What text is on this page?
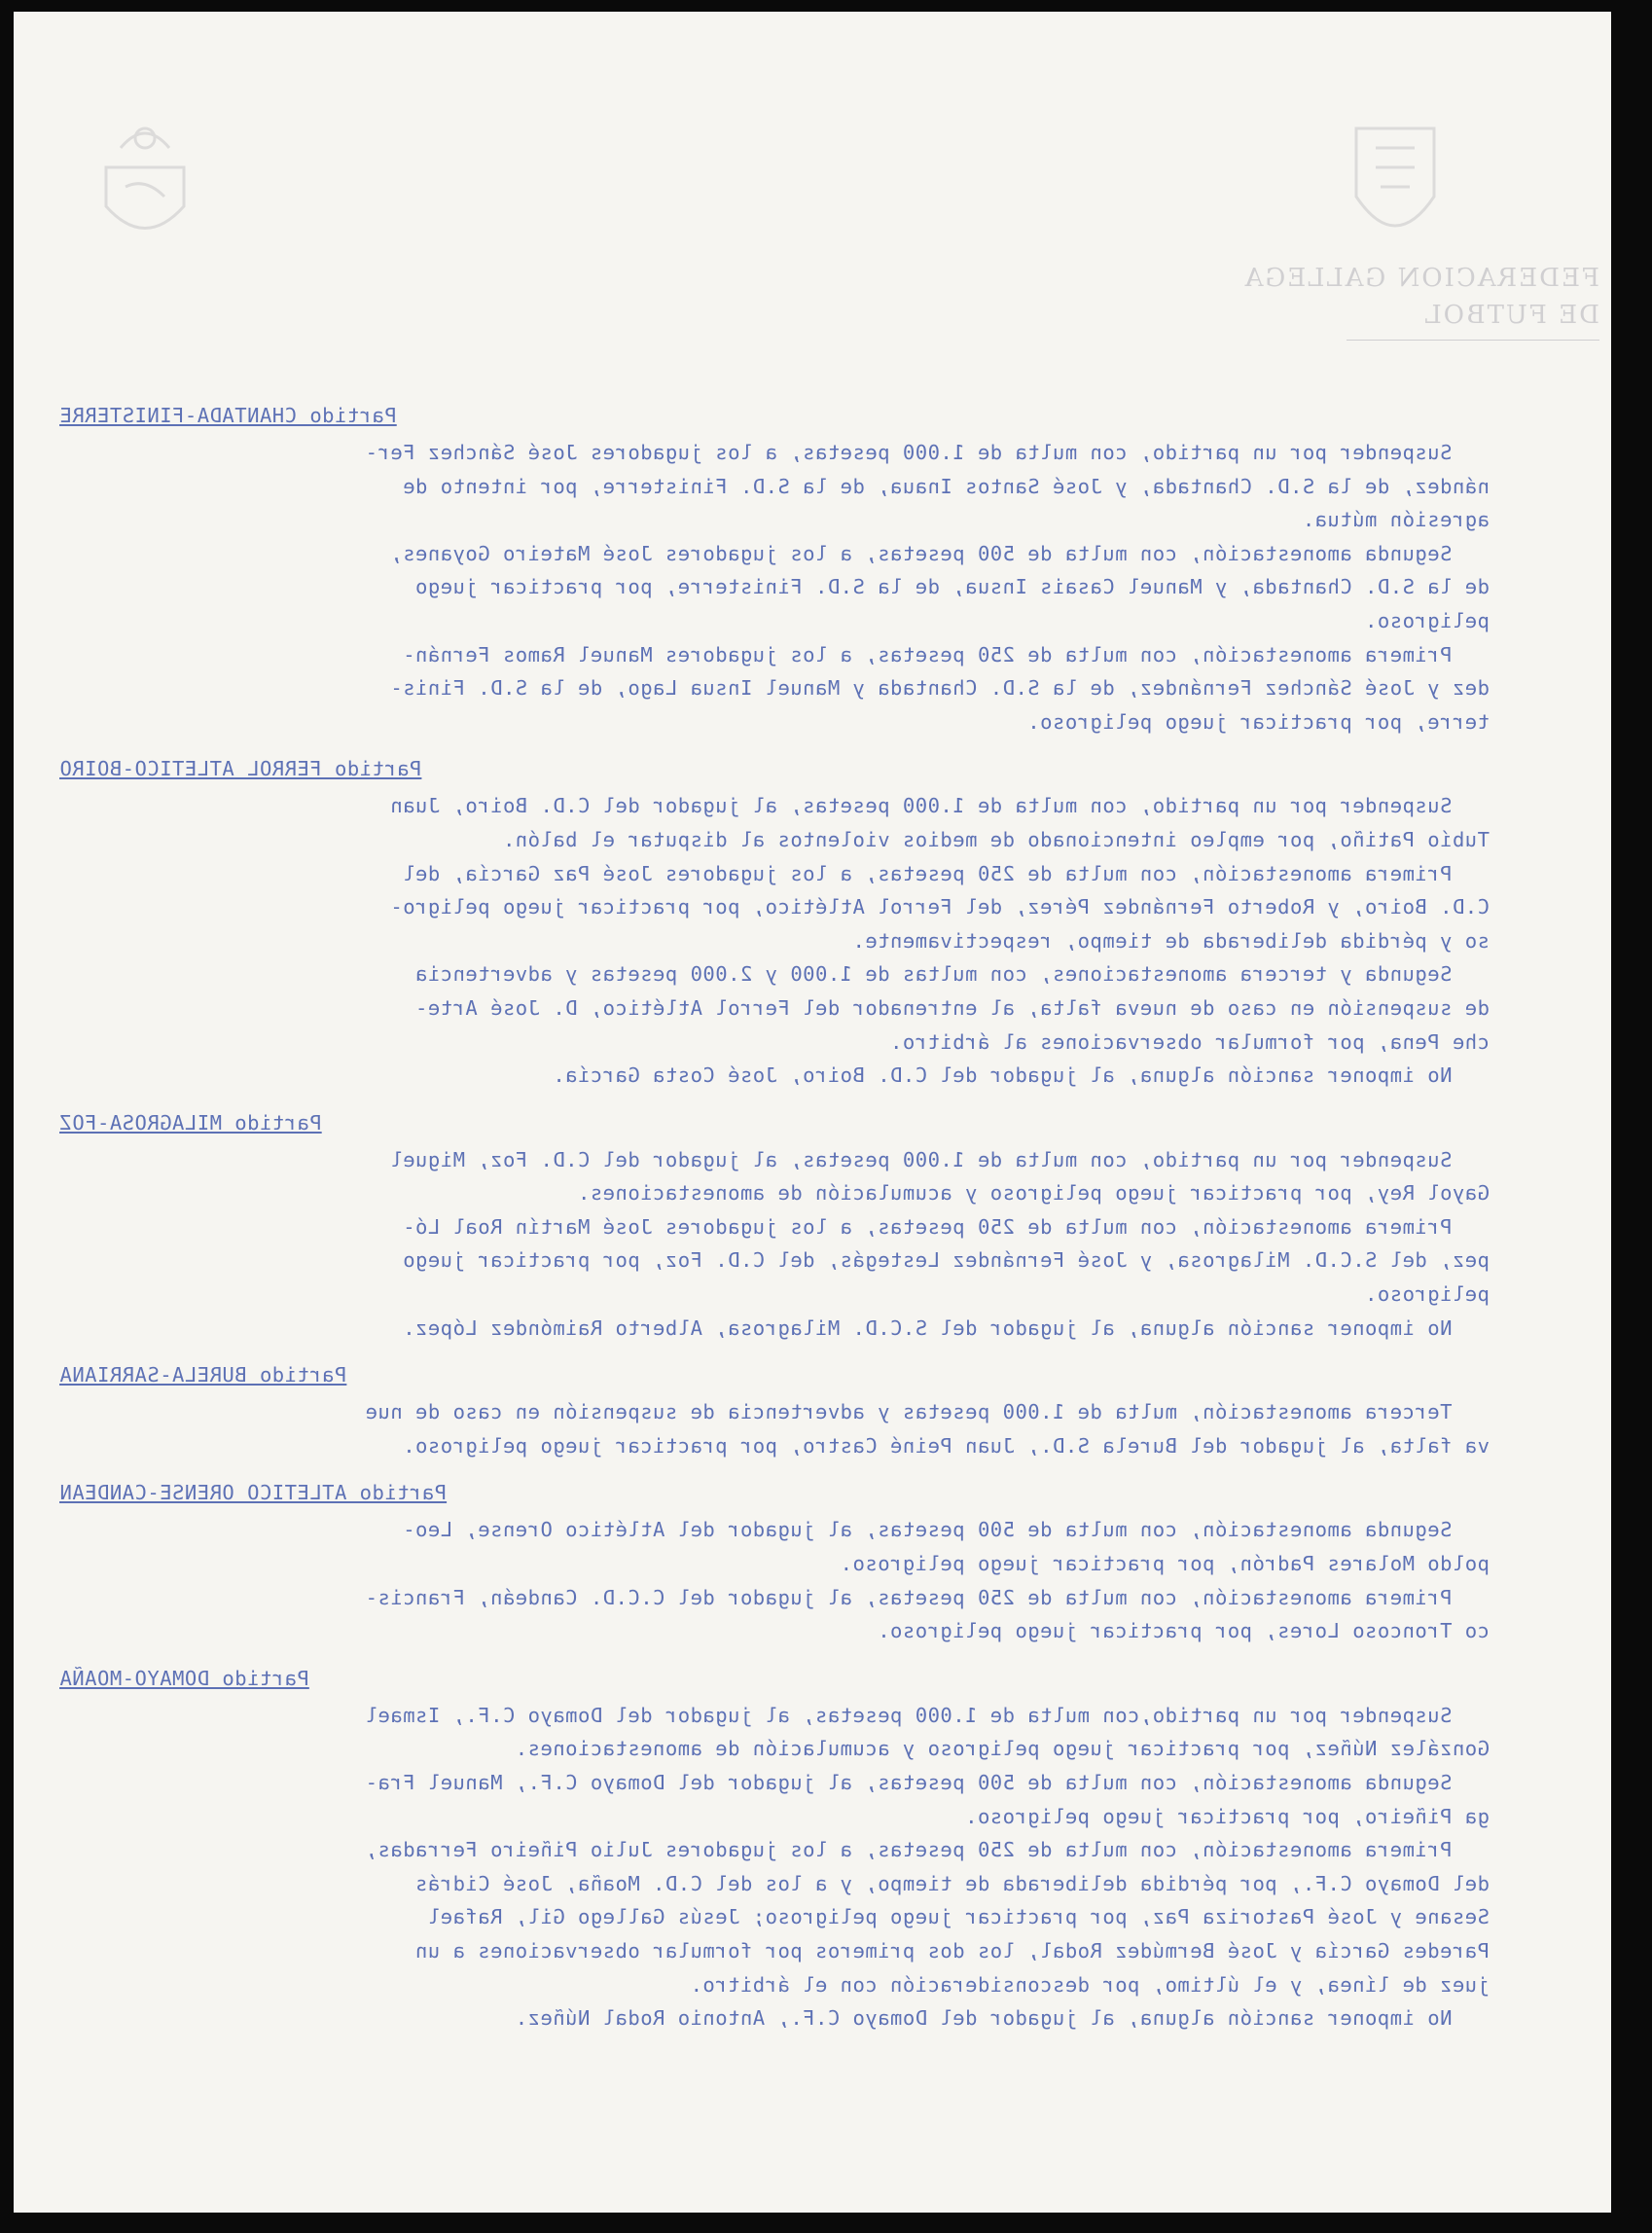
FEDERACION GALLEGA
DE FUTBOL
Partido CHANTADA-FINISTERRE
Suspender por un partido, con multa de 1.000 pesetas, a los jugadores José Sánchez Fer-
nández, de la S.D. Chantada, y José Santos Inaua, de la S.D. Finisterre, por intento de
agresión mútua.
Segunda amonestación, con multa de 500 pesetas, a los jugadores José Mateiro Goyanes,
de la S.D. Chantada, y Manuel Casais Insua, de la S.D. Finisterre, por practicar juego
peligroso.
Primera amonestación, con multa de 250 pesetas, a los jugadores Manuel Ramos Fernán-
dez y José Sánchez Fernández, de la S.D. Chantada y Manuel Insua Lago, de la S.D. Finis-
terre, por practicar juego peligroso.
Partido FERROL ATLETICO-BOIRO
Suspender por un partido, con multa de 1.000 pesetas, al jugador del C.D. Boiro, Juan
Tubío Patiño, por empleo intencionado de medios violentos al disputar el balón.
Primera amonestación, con multa de 250 pesetas, a los jugadores José Paz García, del
C.D. Boiro, y Roberto Fernández Pérez, del Ferrol Atlético, por practicar juego peligro-
so y pérdida deliberada de tiempo, respectivamente.
Segunda y tercera amonestaciones, con multas de 1.000 y 2.000 pesetas y advertencia
de suspensión en caso de nueva falta, al entrenador del Ferrol Atlético, D. José Arte-
che Pena, por formular observaciones al árbitro.
No imponer sanción alguna, al jugador del C.D. Boiro, José Costa García.
Partido MILAGROSA-FOZ
Suspender por un partido, con multa de 1.000 pesetas, al jugador del C.D. Foz, Miguel
Gayol Rey, por practicar juego peligroso y acumulación de amonestaciones.
Primera amonestación, con multa de 250 pesetas, a los jugadores José Martín Roal Ló-
pez, del S.C.D. Milagrosa, y José Fernández Lestegás, del C.D. Foz, por practicar juego
peligroso.
No imponer sanción alguna, al jugador del S.C.D. Milagrosa, Alberto Raimóndez López.
Partido BURELA-SARRIANA
Tercera amonestación, multa de 1.000 pesetas y advertencia de suspensión en caso de nue
va falta, al jugador del Burela S.D., Juan Peiné Castro, por practicar juego peligroso.
Partido ATLETICO ORENSE-CANDEAN
Segunda amonestación, con multa de 500 pesetas, al jugador del Atlético Orense, Leo-
poldo Molares Padrón, por practicar juego peligroso.
Primera amonestación, con multa de 250 pesetas, al jugador del C.C.D. Candeán, Francis-
co Troncoso Lores, por practicar juego peligroso.
Partido DOMAYO-MOAÑA
Suspender por un partido,con multa de 1.000 pesetas, al jugador del Domayo C.F., Ismael
González Núñez, por practicar juego peligroso y acumulación de amonestaciones.
Segunda amonestación, con multa de 500 pesetas, al jugador del Domayo C.F., Manuel Fra-
ga Piñeiro, por practicar juego peligroso.
Primera amonestación, con multa de 250 pesetas, a los jugadores Julio Piñeiro Ferradas,
del Domayo C.F., por pérdida deliberada de tiempo, y a los del C.D. Moaña, José Cidrás
Sesane y José Pastoriza Paz, por practicar juego peligroso; Jesús Gallego Gil, Rafael
Paredes García y José Bermúdez Rodal, los dos primeros por formular observaciones a un
juez de línea, y el último, por desconsideración con el árbitro.
No imponer sanción alguna, al jugador del Domayo C.F., Antonio Rodal Núñez.
